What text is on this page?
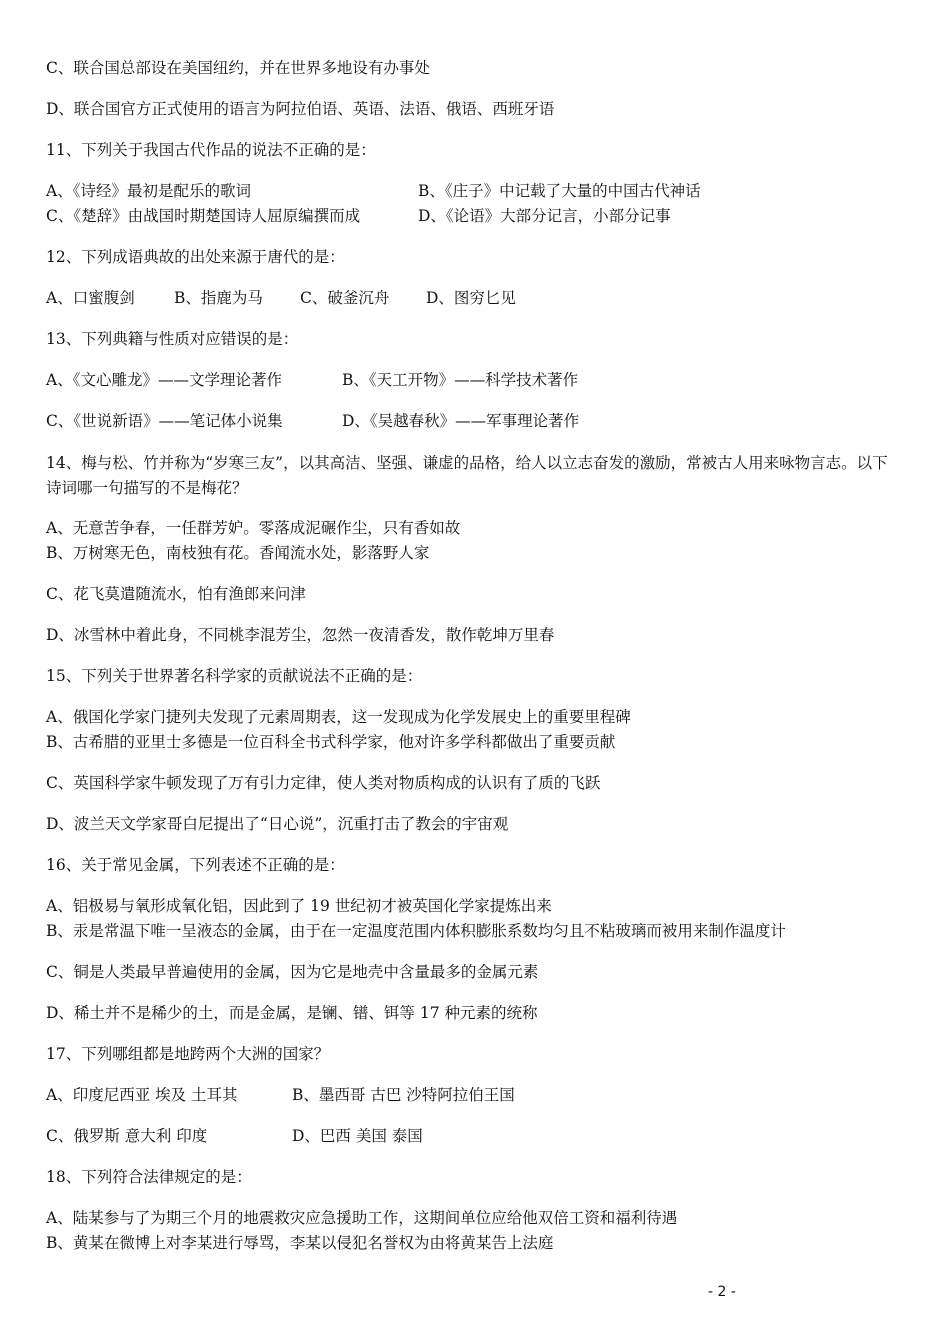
C、联合国总部设在美国纽约，并在世界多地设有办事处
D、联合国官方正式使用的语言为阿拉伯语、英语、法语、俄语、西班牙语
11、下列关于我国古代作品的说法不正确的是：
A、《诗经》最初是配乐的歌词	B、《庄子》中记载了大量的中国古代神话
C、《楚辞》由战国时期楚国诗人屈原编撰而成	D、《论语》大部分记言，小部分记事
12、下列成语典故的出处来源于唐代的是：
A、口蜜腹剑	B、指鹿为马 C、破釜沉舟 D、图穷匕见
13、下列典籍与性质对应错误的是：
A、《文心雕龙》——文学理论著作	B、《天工开物》——科学技术著作
C、《世说新语》——笔记体小说集	D、《吴越春秋》——军事理论著作
14、梅与松、竹并称为“岁寒三友”，以其高洁、坚强、谦虚的品格，给人以立志奋发的激励，常被古人用来咏物言志。以下诗词哪一句描写的不是梅花？
A、无意苦争春，一任群芳妒。零落成泥碾作尘，只有香如故
B、万树寒无色，南枝独有花。香闻流水处，影落野人家
C、花飞莫遣随流水，怕有渔郎来问津
D、冰雪林中着此身，不同桃李混芳尘，忽然一夜清香发，散作乾坤万里春
15、下列关于世界著名科学家的贡献说法不正确的是：
A、俄国化学家门捷列夫发现了元素周期表，这一发现成为化学发展史上的重要里程碑
B、古希腊的亚里士多德是一位百科全书式科学家，他对许多学科都做出了重要贡献
C、英国科学家牛顿发现了万有引力定律，使人类对物质构成的认识有了质的飞跃
D、波兰天文学家哥白尼提出了“日心说”，沉重打击了教会的宇宙观
16、关于常见金属，下列表述不正确的是：
A、铝极易与氧形成氧化铝，因此到了 19 世纪初才被英国化学家提炼出来
B、汞是常温下唯一呈液态的金属，由于在一定温度范围内体积膨胀系数均匀且不粘玻璃而被用来制作温度计
C、铜是人类最早普遍使用的金属，因为它是地壳中含量最多的金属元素
D、稀土并不是稀少的土，而是金属，是镧、镨、铒等 17 种元素的统称
17、下列哪组都是地跨两个大洲的国家？
A、印度尼西亚 埃及 土耳其	B、墨西哥 古巴 沙特阿拉伯王国
C、俄罗斯 意大利 印度	D、巴西 美国 泰国
18、下列符合法律规定的是：
A、陆某参与了为期三个月的地震救灾应急援助工作，这期间单位应给他双倍工资和福利待遇
B、黄某在微博上对李某进行辱骂，李某以侵犯名誉权为由将黄某告上法庭
- 2 -
